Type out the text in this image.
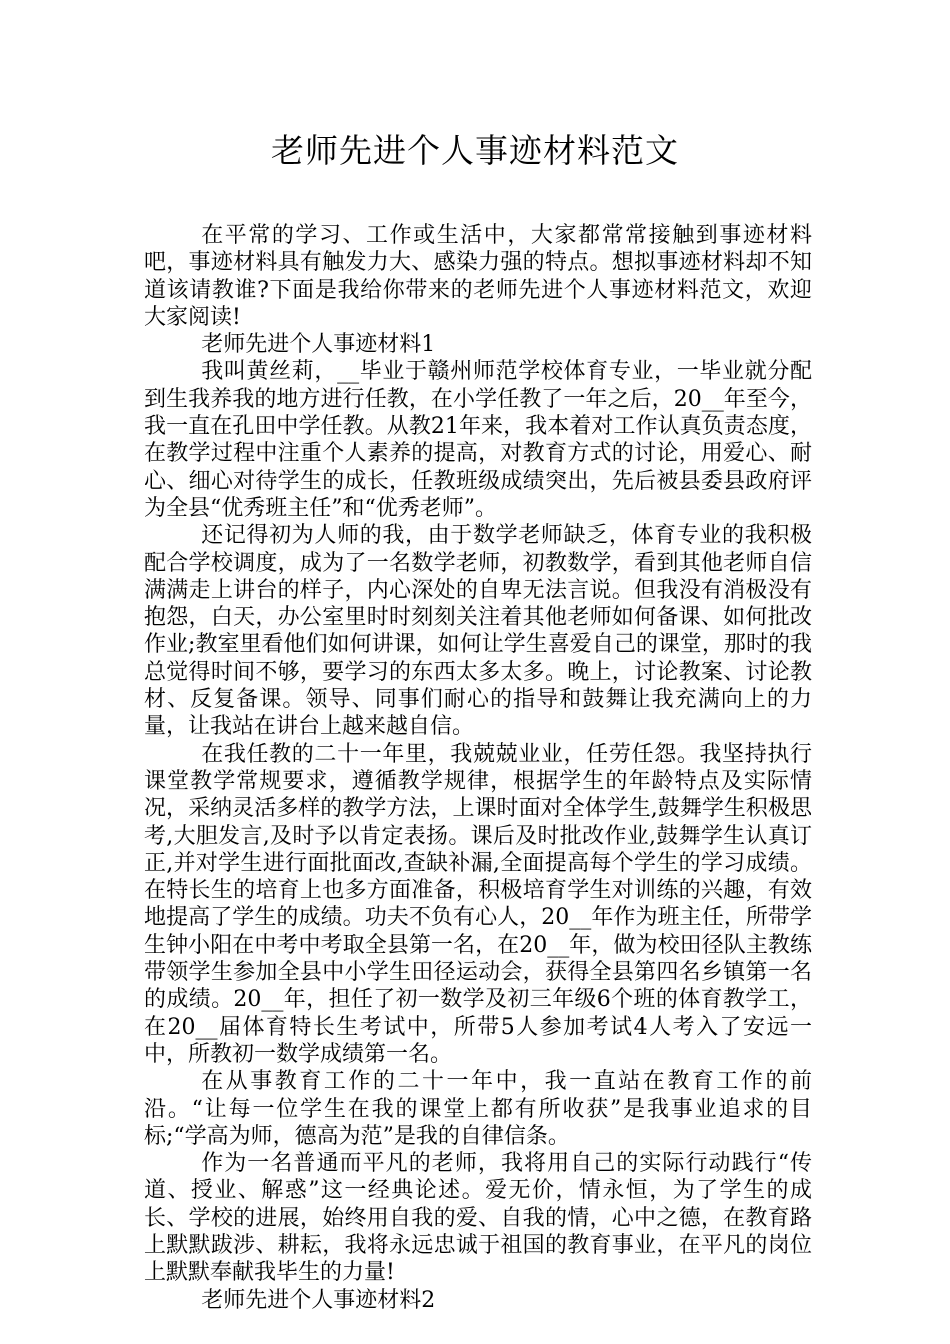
老师先进个人事迹材料范文

在平常的学习、工作或生活中，大家都常常接触到事迹材料吧，事迹材料具有触发力大、感染力强的特点。想拟事迹材料却不知道该请教谁?下面是我给你带来的老师先进个人事迹材料范文，欢迎大家阅读!

老师先进个人事迹材料1

我叫黄丝莉，__毕业于赣州师范学校体育专业，一毕业就分配到生我养我的地方进行任教，在小学任教了一年之后，20__年至今，我一直在孔田中学任教。从教21年来，我本着对工作认真负责态度，在教学过程中注重个人素养的提高，对教育方式的讨论，用爱心、耐心、细心对待学生的成长，任教班级成绩突出，先后被县委县政府评为全县“优秀班主任”和“优秀老师”。

还记得初为人师的我，由于数学老师缺乏，体育专业的我积极配合学校调度，成为了一名数学老师，初教数学，看到其他老师自信满满走上讲台的样子，内心深处的自卑无法言说。但我没有消极没有抱怨，白天，办公室里时时刻刻关注着其他老师如何备课、如何批改作业;教室里看他们如何讲课，如何让学生喜爱自己的课堂，那时的我总觉得时间不够，要学习的东西太多太多。晚上，讨论教案、讨论教材、反复备课。领导、同事们耐心的指导和鼓舞让我充满向上的力量，让我站在讲台上越来越自信。

在我任教的二十一年里，我兢兢业业，任劳任怨。我坚持执行课堂教学常规要求，遵循教学规律，根据学生的年龄特点及实际情况，采纳灵活多样的教学方法，上课时面对全体学生,鼓舞学生积极思考,大胆发言,及时予以肯定表扬。课后及时批改作业,鼓舞学生认真订正,并对学生进行面批面改,查缺补漏,全面提高每个学生的学习成绩。在特长生的培育上也多方面准备，积极培育学生对训练的兴趣，有效地提高了学生的成绩。功夫不负有心人，20__年作为班主任，所带学生钟小阳在中考中考取全县第一名，在20__年，做为校田径队主教练带领学生参加全县中小学生田径运动会，获得全县第四名乡镇第一名的成绩。20__年，担任了初一数学及初三年级6个班的体育教学工，在20__届体育特长生考试中，所带5人参加考试4人考入了安远一中，所教初一数学成绩第一名。

在从事教育工作的二十一年中，我一直站在教育工作的前沿。“让每一位学生在我的课堂上都有所收获”是我事业追求的目标;“学高为师，德高为范”是我的自律信条。

作为一名普通而平凡的老师，我将用自己的实际行动践行“传道、授业、解惑”这一经典论述。爱无价，情永恒，为了学生的成长、学校的进展，始终用自我的爱、自我的情，心中之德，在教育路上默默跋涉、耕耘，我将永远忠诚于祖国的教育事业，在平凡的岗位上默默奉献我毕生的力量!

老师先进个人事迹材料2
